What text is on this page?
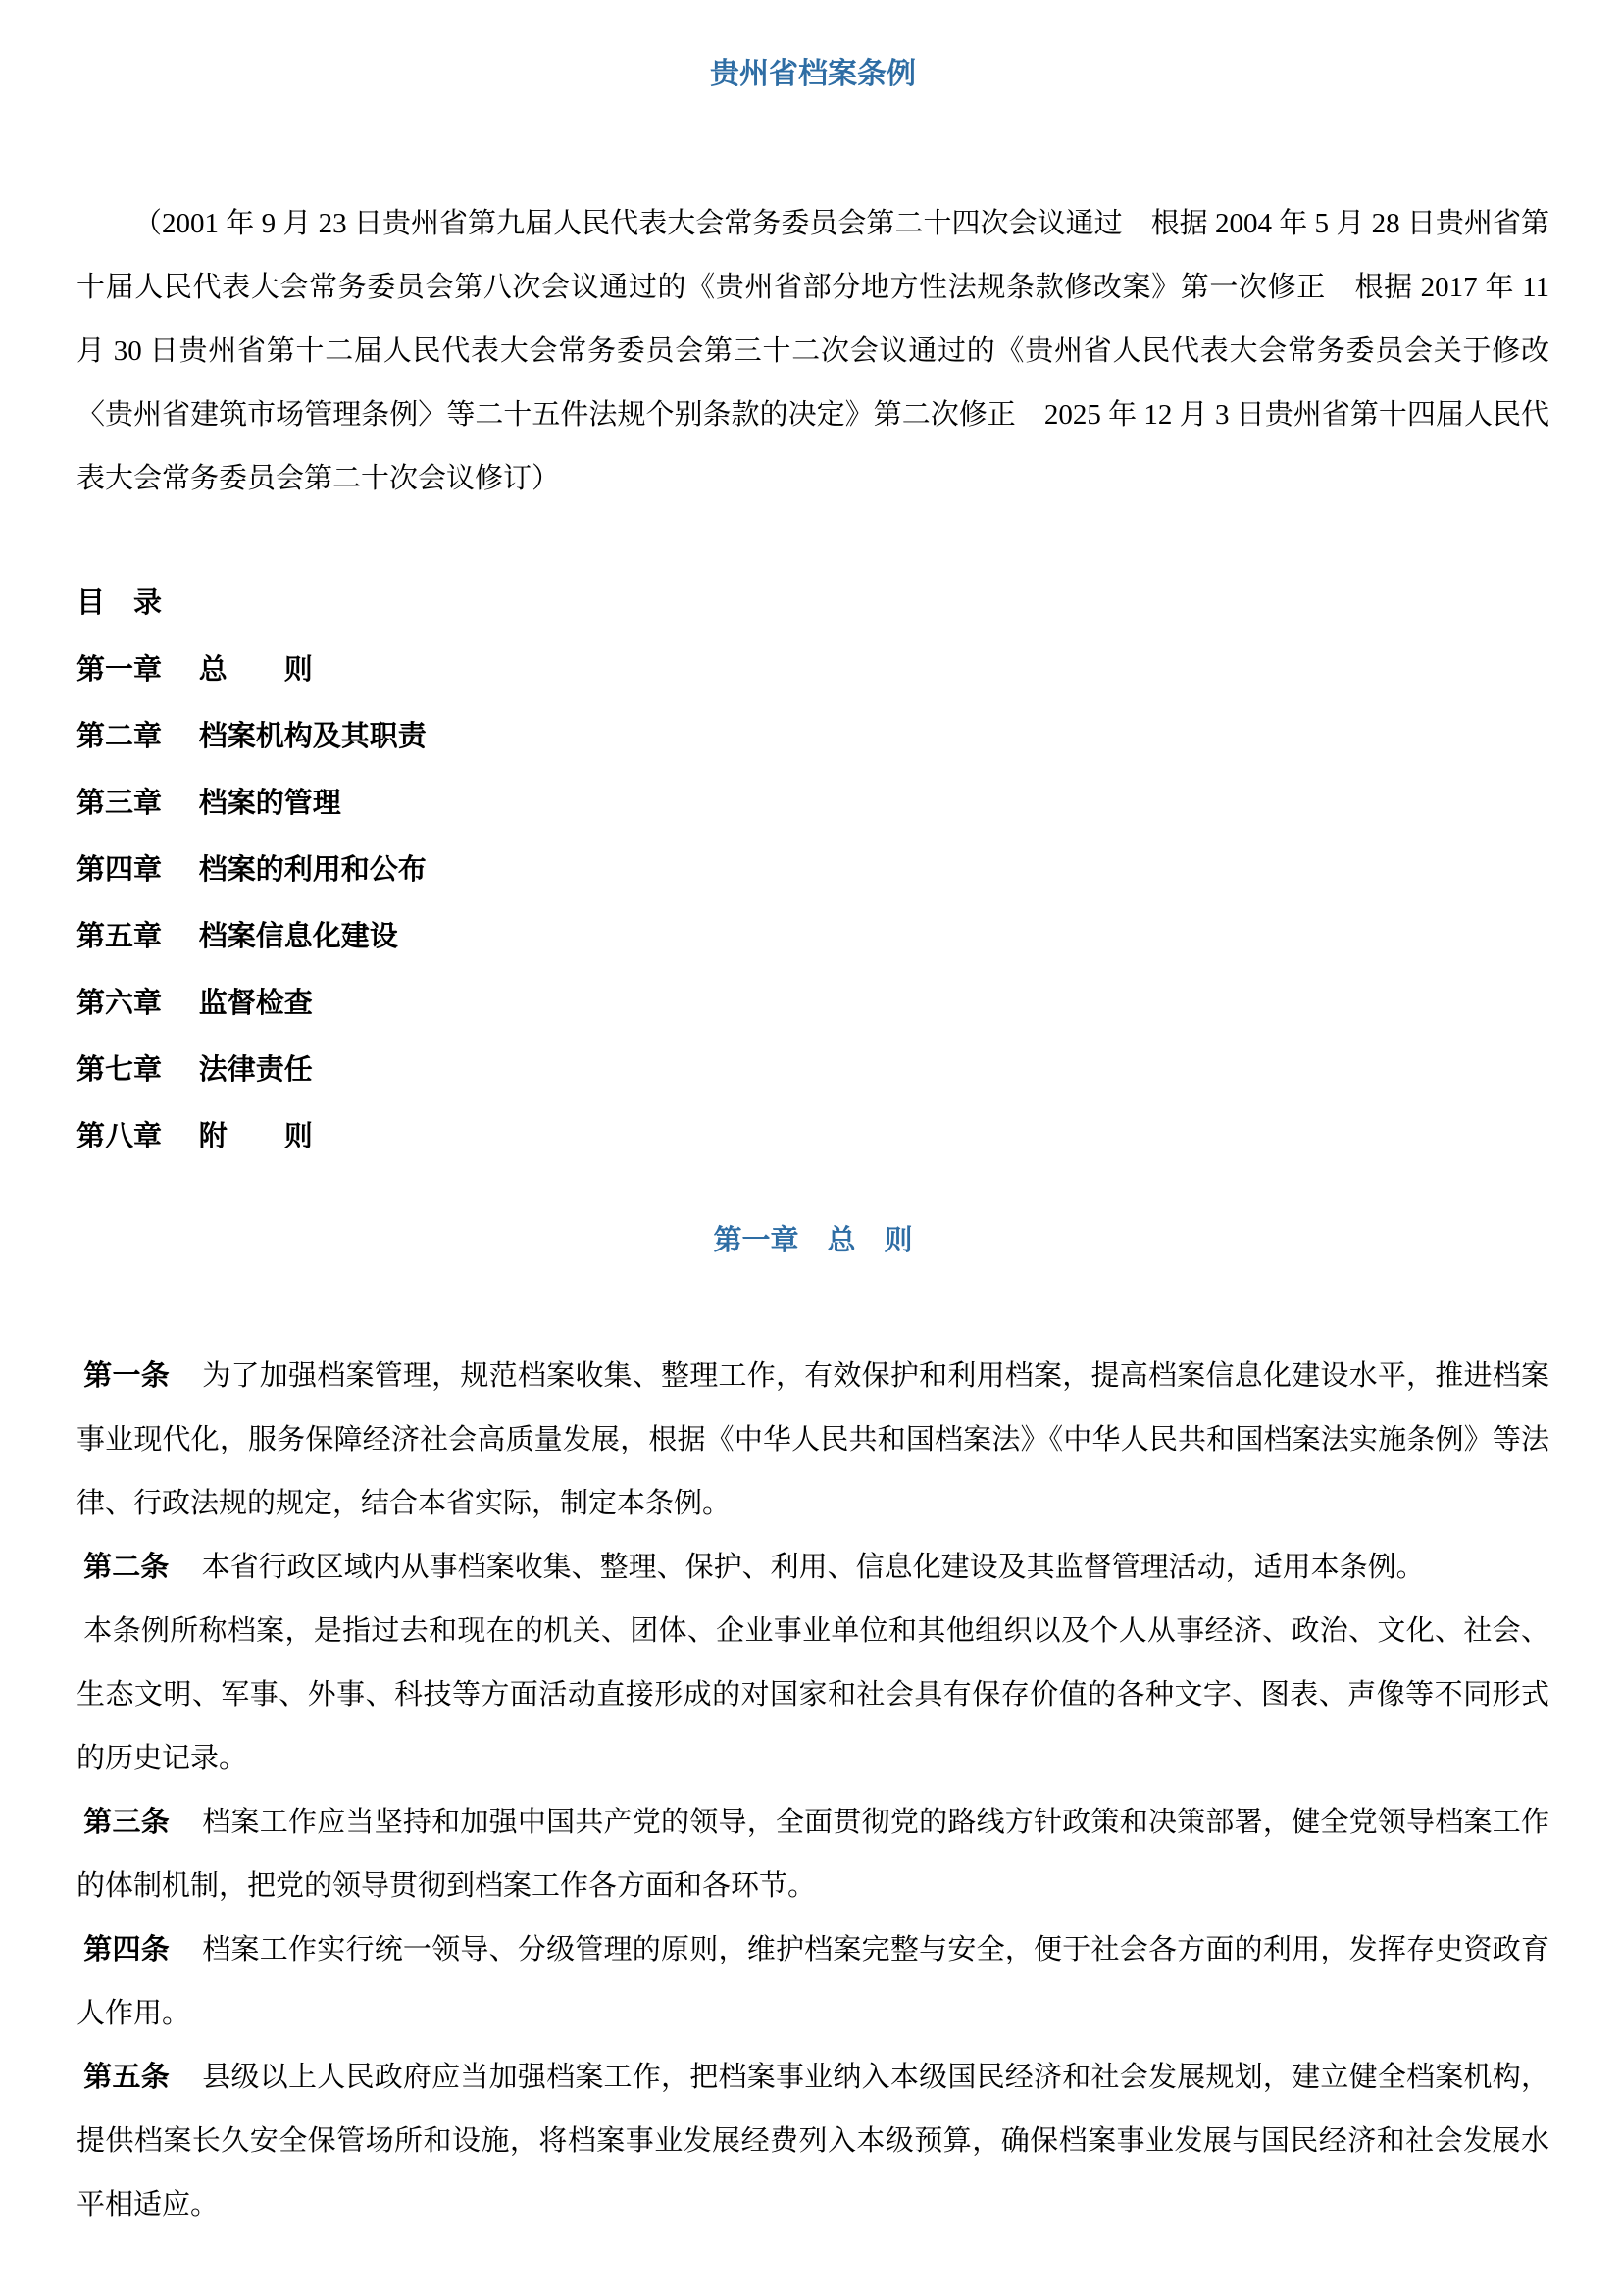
贵州省档案条例

（2001 年 9 月 23 日贵州省第九届人民代表大会常务委员会第二十四次会议通过　根据 2004 年 5 月 28 日贵州省第十届人民代表大会常务委员会第八次会议通过的《贵州省部分地方性法规条款修改案》第一次修正　根据 2017 年 11 月 30 日贵州省第十二届人民代表大会常务委员会第三十二次会议通过的《贵州省人民代表大会常务委员会关于修改〈贵州省建筑市场管理条例〉等二十五件法规个别条款的决定》第二次修正　2025 年 12 月 3 日贵州省第十四届人民代表大会常务委员会第二十次会议修订）

目　录
第一章 总　　则
第二章 档案机构及其职责
第三章 档案的管理
第四章 档案的利用和公布
第五章 档案信息化建设
第六章 监督检查
第七章 法律责任
第八章 附　　则
第一章　总　则

第一条 为了加强档案管理，规范档案收集、整理工作，有效保护和利用档案，提高档案信息化建设水平，推进档案事业现代化，服务保障经济社会高质量发展，根据《中华人民共和国档案法》《中华人民共和国档案法实施条例》等法律、行政法规的规定，结合本省实际，制定本条例。

第二条 本省行政区域内从事档案收集、整理、保护、利用、信息化建设及其监督管理活动，适用本条例。

本条例所称档案，是指过去和现在的机关、团体、企业事业单位和其他组织以及个人从事经济、政治、文化、社会、生态文明、军事、外事、科技等方面活动直接形成的对国家和社会具有保存价值的各种文字、图表、声像等不同形式的历史记录。

第三条 档案工作应当坚持和加强中国共产党的领导，全面贯彻党的路线方针政策和决策部署，健全党领导档案工作的体制机制，把党的领导贯彻到档案工作各方面和各环节。

第四条 档案工作实行统一领导、分级管理的原则，维护档案完整与安全，便于社会各方面的利用，发挥存史资政育人作用。

第五条 县级以上人民政府应当加强档案工作，把档案事业纳入本级国民经济和社会发展规划，建立健全档案机构，提供档案长久安全保管场所和设施，将档案事业发展经费列入本级预算，确保档案事业发展与国民经济和社会发展水平相适应。
